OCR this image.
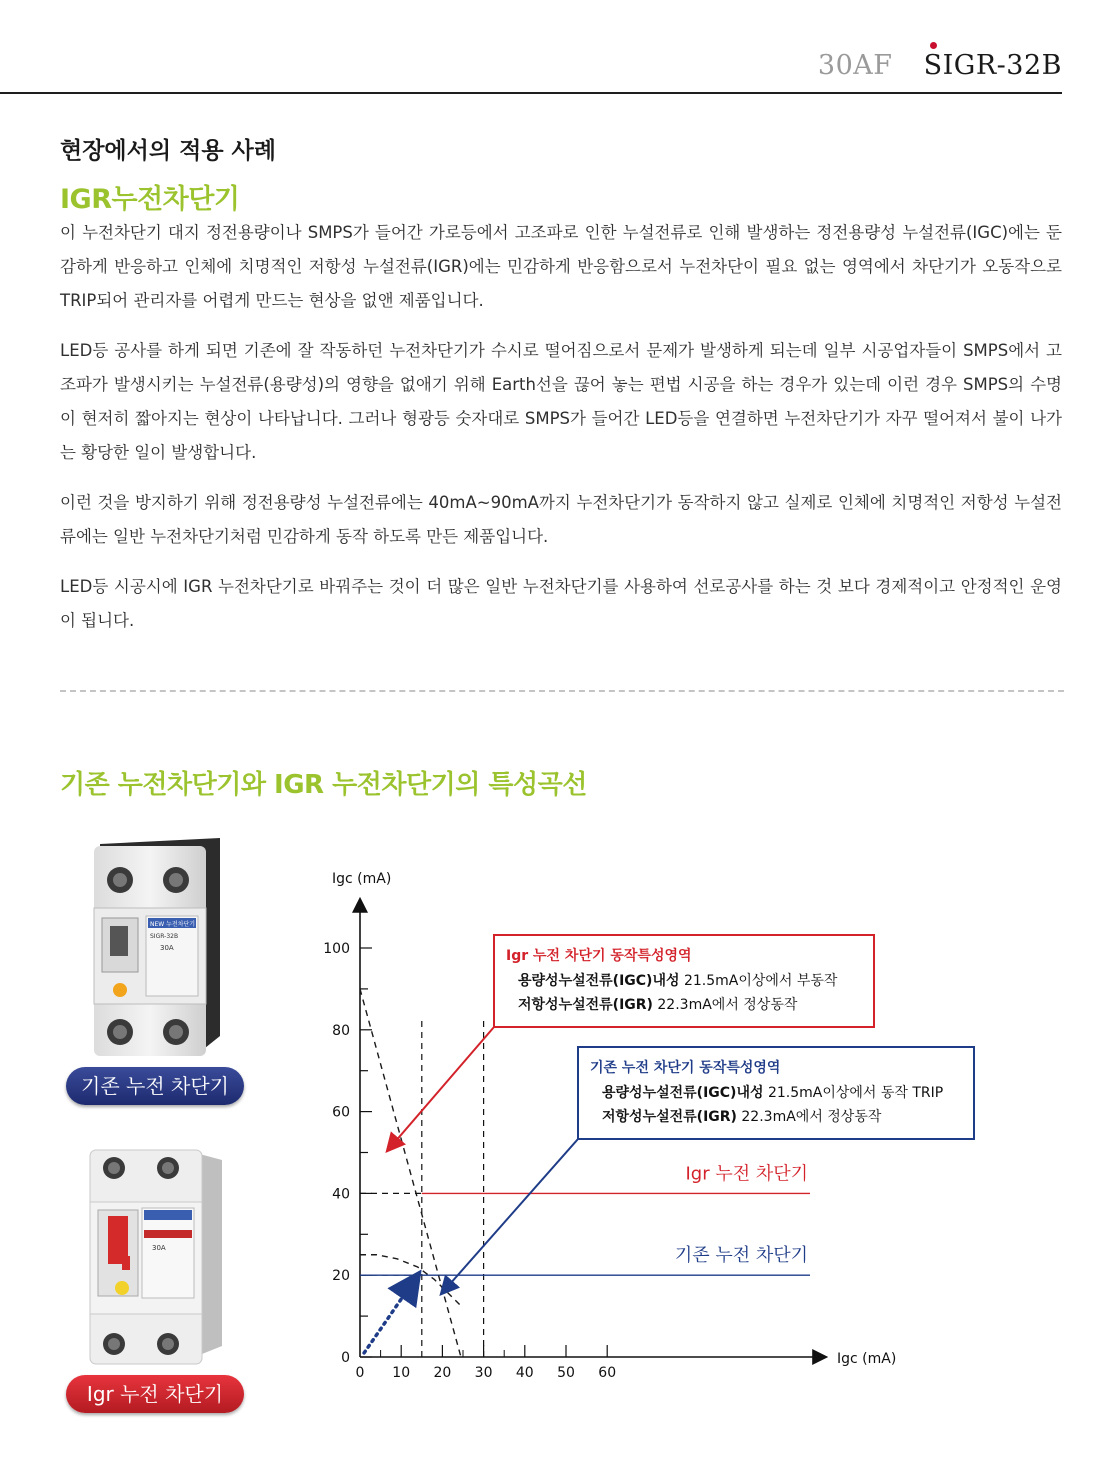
30AF SIGR-32B
현장에서의 적용 사례
IGR누전차단기

이 누전차단기 대지 정전용량이나 SMPS가 들어간 가로등에서 고조파로 인한 누설전류로 인해 발생하는 정전용량성 누설전류(IGC)에는 둔감하게 반응하고 인체에 치명적인 저항성 누설전류(IGR)에는 민감하게 반응함으로서 누전차단이 필요 없는 영역에서 차단기가 오동작으로 TRIP되어 관리자를 어렵게 만드는 현상을 없앤 제품입니다.

LED등 공사를 하게 되면 기존에 잘 작동하던 누전차단기가 수시로 떨어짐으로서 문제가 발생하게 되는데 일부 시공업자들이 SMPS에서 고조파가 발생시키는 누설전류(용량성)의 영향을 없애기 위해 Earth선을 끊어 놓는 편법 시공을 하는 경우가 있는데 이런 경우 SMPS의 수명이 현저히 짧아지는 현상이 나타납니다. 그러나 형광등 숫자대로 SMPS가 들어간 LED등을 연결하면 누전차단기가 자꾸 떨어져서 불이 나가는 황당한 일이 발생합니다.

이런 것을 방지하기 위해 정전용량성 누설전류에는 40mA~90mA까지 누전차단기가 동작하지 않고 실제로 인체에 치명적인 저항성 누설전류에는 일반 누전차단기처럼 민감하게 동작 하도록 만든 제품입니다.

LED등 시공시에 IGR 누전차단기로 바꿔주는 것이 더 많은 일반 누전차단기를 사용하여 선로공사를 하는 것 보다 경제적이고 안정적인 운영이 됩니다.

기존 누전차단기와 IGR 누전차단기의 특성곡선
NEW 누전차단기
SIGR-32B
30A
기존 누전 차단기
30A
Igr 누전 차단기
Igc (mA)
Igc (mA)
0
20
40
60
80
100
0 10 20 30 40 50 60
Igr 누전 차단기
기존 누전 차단기
Igr 누전 차단기 동작특성영역
용량성누설전류(IGC)내성 21.5mA이상에서 부동작
저항성누설전류(IGR) 22.3mA에서 정상동작
기존 누전 차단기 동작특성영역
용량성누설전류(IGC)내성 21.5mA이상에서 동작 TRIP
저항성누설전류(IGR) 22.3mA에서 정상동작
